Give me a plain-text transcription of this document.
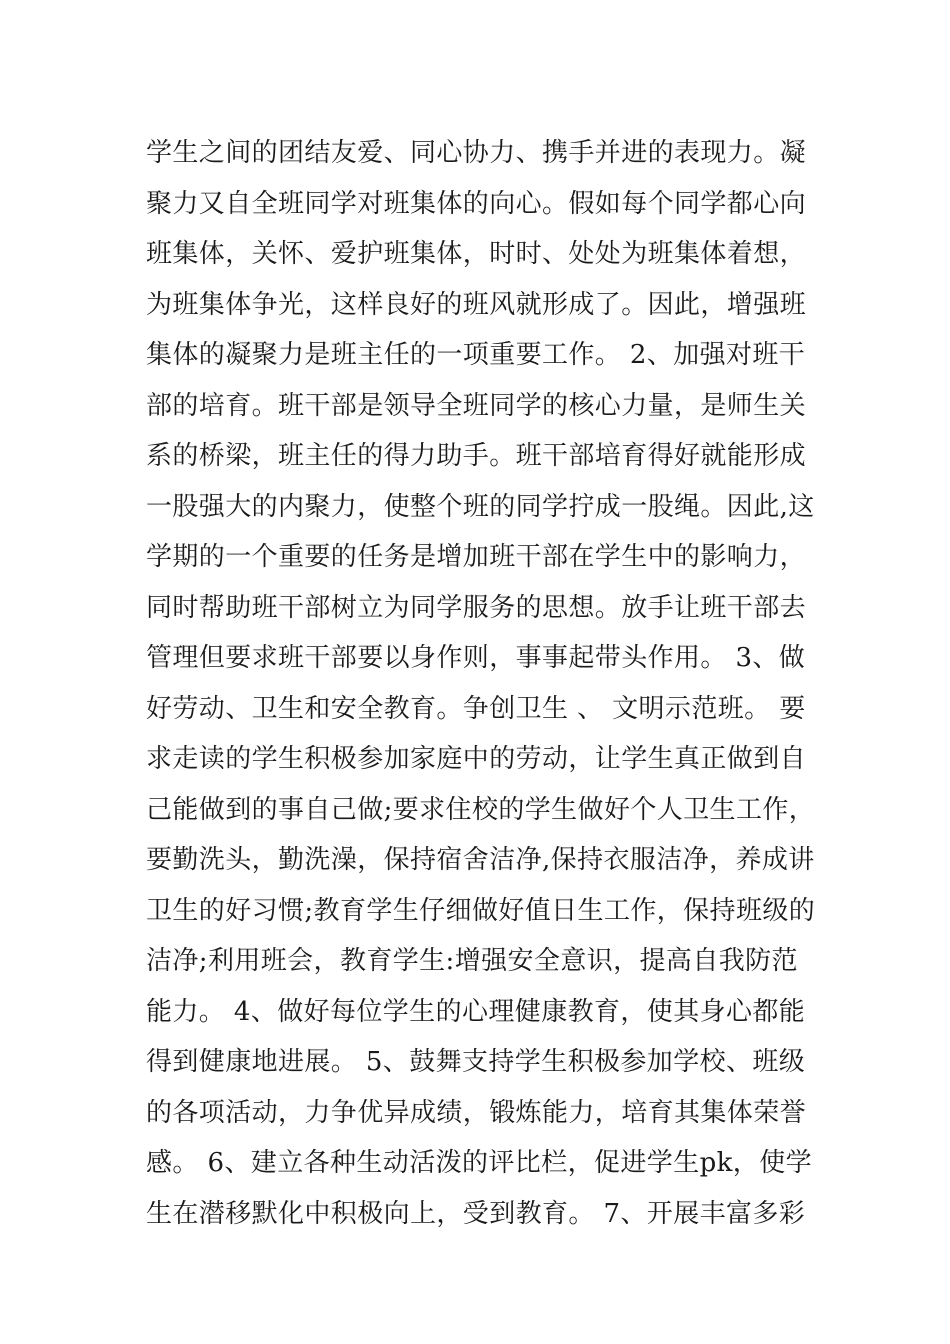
学生之间的团结友爱、同心协力、携手并进的表现力。凝
聚力又自全班同学对班集体的向心。假如每个同学都心向
班集体，关怀、爱护班集体，时时、处处为班集体着想，
为班集体争光，这样良好的班风就形成了。因此，增强班
集体的凝聚力是班主任的一项重要工作。 2、加强对班干
部的培育。班干部是领导全班同学的核心力量，是师生关
系的桥梁，班主任的得力助手。班干部培育得好就能形成
一股强大的内聚力，使整个班的同学拧成一股绳。因此,这
学期的一个重要的任务是增加班干部在学生中的影响力，
同时帮助班干部树立为同学服务的思想。放手让班干部去
管理但要求班干部要以身作则，事事起带头作用。 3、做
好劳动、卫生和安全教育。争创卫生 、 文明示范班。 要
求走读的学生积极参加家庭中的劳动，让学生真正做到自
己能做到的事自己做;要求住校的学生做好个人卫生工作，
要勤洗头，勤洗澡，保持宿舍洁净,保持衣服洁净，养成讲
卫生的好习惯;教育学生仔细做好值日生工作，保持班级的
洁净;利用班会，教育学生:增强安全意识，提高自我防范
能力。 4、做好每位学生的心理健康教育，使其身心都能
得到健康地进展。 5、鼓舞支持学生积极参加学校、班级
的各项活动，力争优异成绩，锻炼能力，培育其集体荣誉
感。 6、建立各种生动活泼的评比栏，促进学生pk，使学
生在潜移默化中积极向上，受到教育。 7、开展丰富多彩
